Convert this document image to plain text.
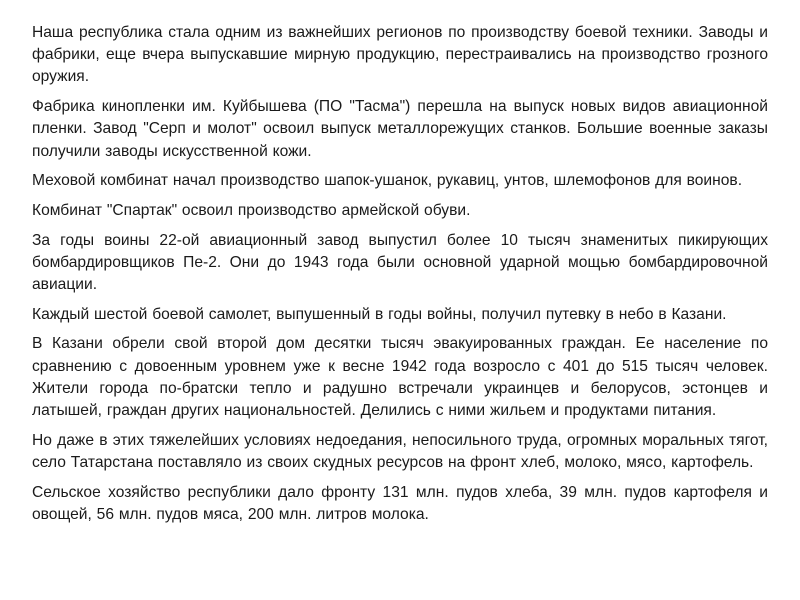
Наша республика стала одним из важнейших регионов по производству боевой техники. Заводы и фабрики, еще вчера выпускавшие мирную продукцию, перестраивались на производство грозного оружия.

Фабрика кинопленки им. Куйбышева (ПО "Тасма") перешла на выпуск новых видов авиационной пленки. Завод "Серп и молот" освоил выпуск металлорежущих станков. Большие военные заказы получили заводы искусственной кожи.

Меховой комбинат начал производство шапок-ушанок, рукавиц, унтов, шлемофонов для воинов.

Комбинат "Спартак" освоил производство армейской обуви.

За годы воины 22-ой авиационный завод выпустил более 10 тысяч знаменитых пикирующих бомбардировщиков Пе-2. Они до 1943 года были основной ударной мощью бомбардировочной авиации.

Каждый шестой боевой самолет, выпушенный в годы войны, получил путевку в небо в Казани.

В Казани обрели свой второй дом десятки тысяч эвакуированных граждан. Ее население по сравнению с довоенным уровнем уже к весне 1942 года возросло с 401 до 515 тысяч человек. Жители города по-братски тепло и радушно встречали украинцев и белорусов, эстонцев и латышей, граждан других национальностей. Делились с ними жильем и продуктами питания.

Но даже в этих тяжелейших условиях недоедания, непосильного труда, огромных моральных тягот, село Татарстана поставляло из своих скудных ресурсов на фронт хлеб, молоко, мясо, картофель.

Сельское хозяйство республики дало фронту 131 млн. пудов хлеба, 39 млн. пудов картофеля и овощей, 56 млн. пудов мяса, 200 млн. литров молока.
